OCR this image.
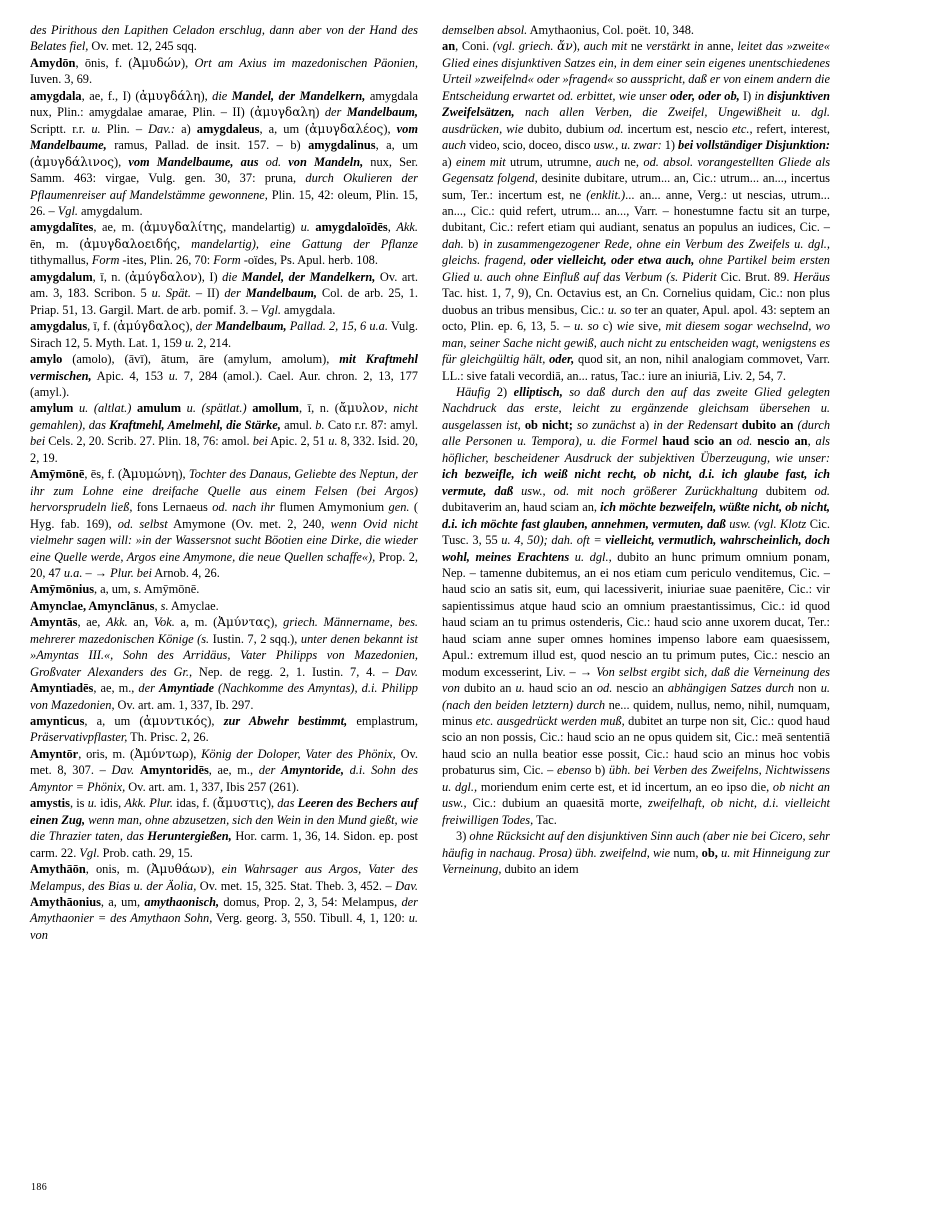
des Pirithous den Lapithen Celadon erschlug, dann aber von der Hand des Belates fiel, Ov. met. 12, 245 sqq.

Amydōn, ōnis, f. (Ἀμυδών), Ort am Axius im mazedonischen Päonien, Iuven. 3, 69.

amygdala, ae, f., I) (ἀμυγδάλη), die Mandel, der Mandelkern, amygdala nux, Plin.: amygdalae amarae, Plin. – II) (ἀμυγδαλη) der Mandelbaum, Scriptt. r.r. u. Plin. – Dav.: a) amygdaleus, a, um (ἀμυγδαλέος), vom Mandelbaume, ramus, Pallad. de insit. 157. – b) amygdalinus, a, um (ἀμυγδάλινος), vom Mandelbaume, aus od. von Mandeln, nux, Ser. Samm. 463: virgae, Vulg. gen. 30, 37: pruna, durch Okulieren der Pflaumenreiser auf Mandelstämme gewonnene, Plin. 15, 42: oleum, Plin. 15, 26. – Vgl. amygdalum.

amygdalītes, ae, m. (ἀμυγδαλίτης, mandelartig) u. amygdaloīdēs, Akk. ēn, m. (ἀμυγδαλοειδής, mandelartig), eine Gattung der Pflanze tithymallus, Form -ites, Plin. 26, 70: Form -oïdes, Ps. Apul. herb. 108.

amygdalum, ī, n. (ἀμύγδαλον), I) die Mandel, der Mandelkern, Ov. art. am. 3, 183. Scribon. 5 u. Spät. – II) der Mandelbaum, Col. de arb. 25, 1. Priap. 51, 13. Gargil. Mart. de arb. pomif. 3. – Vgl. amygdala.

amygdalus, ī, f. (ἀμύγδαλος), der Mandelbaum, Pallad. 2, 15, 6 u.a. Vulg. Sirach 12, 5. Myth. Lat. 1, 159 u. 2, 214.

amylo (amolo), (āvī), ātum, āre (amylum, amolum), mit Kraftmehl vermischen, Apic. 4, 153 u. 7, 284 (amol.). Cael. Aur. chron. 2, 13, 177 (amyl.).

amylum u. (altlat.) amulum u. (spätlat.) amollum, ī, n. (ἄμυλον, nicht gemahlen), das Kraftmehl, Amelmehl, die Stärke, amul. b. Cato r.r. 87: amyl. bei Cels. 2, 20. Scrib. 27. Plin. 18, 76: amol. bei Apic. 2, 51 u. 8, 332. Isid. 20, 2, 19.

Amȳmōnē, ēs, f. (Ἀμυμώνη), Tochter des Danaus, Geliebte des Neptun, der ihr zum Lohne eine dreifache Quelle aus einem Felsen (bei Argos) hervorsprudeln ließ, fons Lernaeus od. nach ihr flumen Amymonium gen. ( Hyg. fab. 169), od. selbst Amymone (Ov. met. 2, 240, wenn Ovid nicht vielmehr sagen will: »in der Wassersnot sucht Böotien eine Dirke, die wieder eine Quelle werde, Argos eine Amymone, die neue Quellen schaffe«), Prop. 2, 20, 47 u.a. – → Plur. bei Arnob. 4, 26.

Amȳmōnius, a, um, s. Amȳmōnē.

Amynclae, Amynclānus, s. Amyclae.

Amyntās, ae, Akk. an, Vok. a, m. (Ἀμύντας), griech. Männername, bes. mehrerer mazedonischen Könige (s. Iustin. 7, 2 sqq.), unter denen bekannt ist »Amyntas III.«, Sohn des Arridäus, Vater Philipps von Mazedonien, Großvater Alexanders des Gr., Nep. de regg. 2, 1. Iustin. 7, 4. – Dav. Amyntiadēs, ae, m., der Amyntiade (Nachkomme des Amyntas), d.i. Philipp von Mazedonien, Ov. art. am. 1, 337, Ib. 297.

amynticus, a, um (ἀμυντικός), zur Abwehr bestimmt, emplastrum, Präservativpflaster, Th. Prisc. 2, 26.

Amyntōr, oris, m. (Ἀμύντωρ), König der Doloper, Vater des Phönix, Ov. met. 8, 307. – Dav. Amyntoridēs, ae, m., der Amyntoride, d.i. Sohn des Amyntor = Phönix, Ov. art. am. 1, 337, Ibis 257 (261).

amystis, is u. idis, Akk. Plur. idas, f. (ἄμυστις), das Leeren des Bechers auf einen Zug, wenn man, ohne abzusetzen, sich den Wein in den Mund gießt, wie die Thrazier taten, das Heruntergießen, Hor. carm. 1, 36, 14. Sidon. ep. post carm. 22. Vgl. Prob. cath. 29, 15.

Amythāōn, onis, m. (Ἀμυθάων), ein Wahrsager aus Argos, Vater des Melampus, des Bias u. der Äolia, Ov. met. 15, 325. Stat. Theb. 3, 452. – Dav. Amythāonius, a, um, amythaonisch, domus, Prop. 2, 3, 54: Melampus, der Amythaonier = des Amythaon Sohn, Verg. georg. 3, 550. Tibull. 4, 1, 120: u. von

demselben absol. Amythaonius, Col. poët. 10, 348.

an, Coni. (vgl. griech. ἄν), auch mit ne verstärkt in anne, leitet das »zweite« Glied eines disjunktiven Satzes ein, in dem einer sein eigenes unentschiedenes Urteil »zweifelnd« oder »fragend« so ausspricht, daß er von einem andern die Entscheidung erwartet od. erbittet, wie unser oder, oder ob, I) in disjunktiven Zweifelsätzen, nach allen Verben, die Zweifel, Ungewißheit u. dgl. ausdrücken, wie dubito, dubium od. incertum est, nescio etc., refert, interest, auch video, scio, doceo, disco usw., u. zwar: 1) bei vollständiger Disjunktion: a) einem mit utrum, utrumne, auch ne, od. absol. vorangestellten Gliede als Gegensatz folgend, desinite dubitare, utrum... an, Cic.: utrum... an..., incertus sum, Ter.: incertum est, ne (enklit.)... an... anne, Verg.: ut nescias, utrum... an..., Cic.: quid refert, utrum... an..., Varr. – honestumne factu sit an turpe, dubitant, Cic.: refert etiam qui audiant, senatus an populus an iudices, Cic. – dah. b) in zusammengezogener Rede, ohne ein Verbum des Zweifels u. dgl., gleichs. fragend, oder vielleicht, oder etwa auch, ohne Partikel beim ersten Glied u. auch ohne Einfluß auf das Verbum (s. Piderit Cic. Brut. 89. Heräus Tac. hist. 1, 7, 9), Cn. Octavius est, an Cn. Cornelius quidam, Cic.: non plus duobus an tribus mensibus, Cic.: u. so ter an quater, Apul. apol. 43: septem an octo, Plin. ep. 6, 13, 5. – u. so c) wie sive, mit diesem sogar wechselnd, wo man, seiner Sache nicht gewiß, auch nicht zu entscheiden wagt, wenigstens es für gleichgültig hält, oder, quod sit, an non, nihil analogiam commovet, Varr. LL.: sive fatali vecordiā, an... ratus, Tac.: iure an iniuriā, Liv. 2, 54, 7.

Häufig 2) elliptisch, so daß durch den auf das zweite Glied gelegten Nachdruck das erste, leicht zu ergänzende gleichsam übersehen u. ausgelassen ist, ob nicht; so zunächst a) in der Redensart dubito an (durch alle Personen u. Tempora), u. die Formel haud scio an od. nescio an, als höflicher, bescheidener Ausdruck der subjektiven Überzeugung, wie unser: ich bezweifle, ich weiß nicht recht, ob nicht, d.i. ich glaube fast, ich vermute, daß usw., od. mit noch größerer Zurückhaltung dubitem od. dubitaverim an, haud sciam an, ich möchte bezweifeln, wüßte nicht, ob nicht, d.i. ich möchte fast glauben, annehmen, vermuten, daß usw. (vgl. Klotz Cic. Tusc. 3, 55 u. 4, 50); dah. oft = vielleicht, vermutlich, wahrscheinlich, doch wohl, meines Erachtens u. dgl., dubito an hunc primum omnium ponam, Nep. – tamenne dubitemus, an ei nos etiam cum periculo venditemus, Cic. – haud scio an satis sit, eum, qui lacessiverit, iniuriae suae paenitēre, Cic.: vir sapientissimus atque haud scio an omnium praestantissimus, Cic.: id quod haud sciam an tu primus ostenderis, Cic.: haud scio anne uxorem ducat, Ter.: haud sciam anne super omnes homines impenso labore eam quaesissem, Apul.: extremum illud est, quod nescio an tu primum putes, Cic.: nescio an modum excesserint, Liv. – → Von selbst ergibt sich, daß die Verneinung des von dubito an u. haud scio an od. nescio an abhängigen Satzes durch non u. (nach den beiden letztern) durch ne... quidem, nullus, nemo, nihil, numquam, minus etc. ausgedrückt werden muß, dubitet an turpe non sit, Cic.: quod haud scio an non possis, Cic.: haud scio an ne opus quidem sit, Cic.: meā sententiā haud scio an nulla beatior esse possit, Cic.: haud scio an minus hoc vobis probaturus sim, Cic. – ebenso b) übh. bei Verben des Zweifelns, Nichtwissens u. dgl., moriendum enim certe est, et id incertum, an eo ipso die, ob nicht an usw., Cic.: dubium an quaesitā morte, zweifelhaft, ob nicht, d.i. vielleicht freiwilligen Todes, Tac.

3) ohne Rücksicht auf den disjunktiven Sinn auch (aber nie bei Cicero, sehr häufig in nachaug. Prosa) übh. zweifelnd, wie num, ob, u. mit Hinneigung zur Verneinung, dubito an idem

186
